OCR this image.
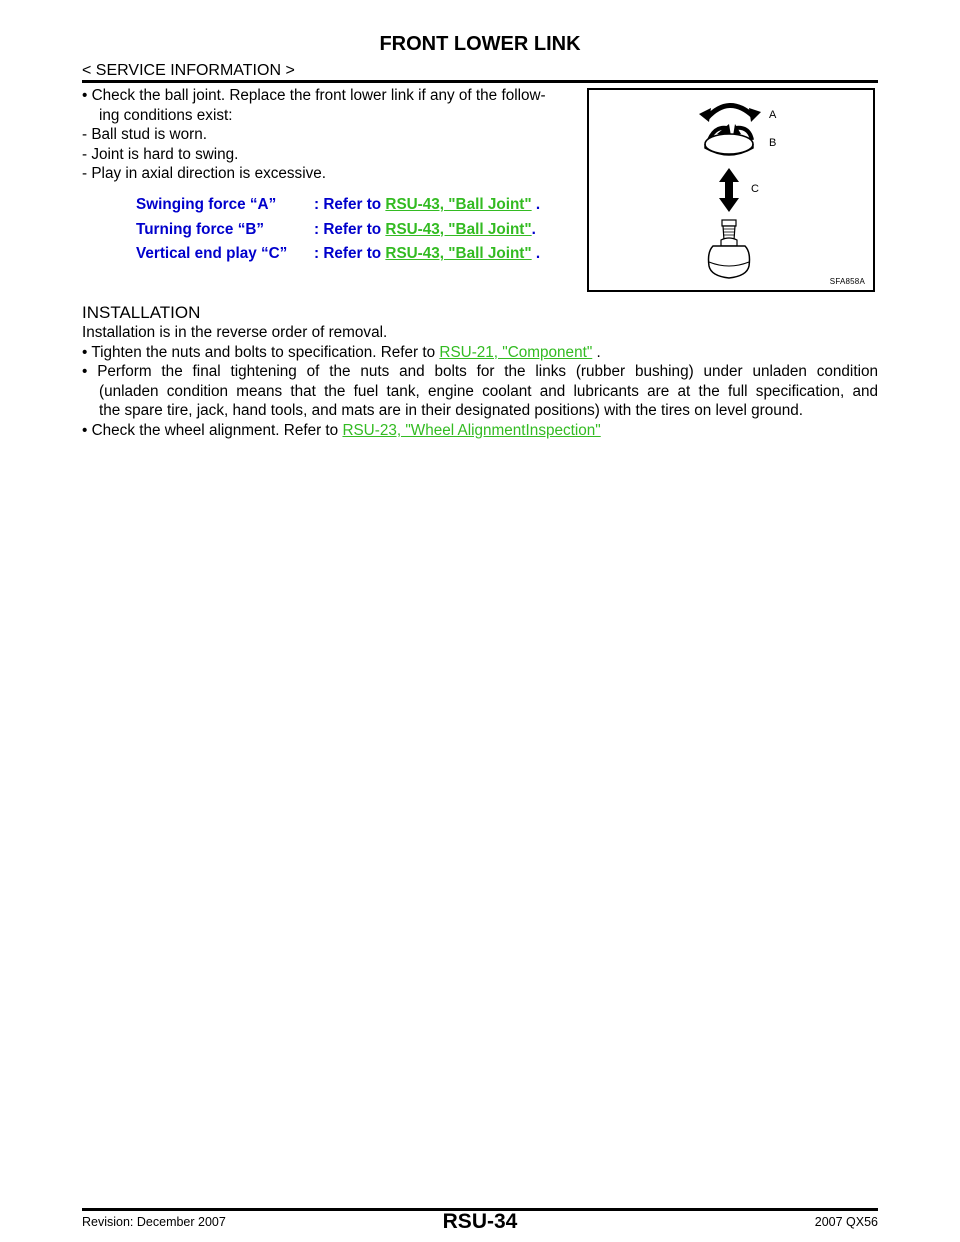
FRONT LOWER LINK
< SERVICE INFORMATION >
• Check the ball joint. Replace the front lower link if any of the follow-
ing conditions exist:
- Ball stud is worn.
- Joint is hard to swing.
- Play in axial direction is excessive.
Swinging force “A” : Refer to RSU-43, "Ball Joint" .
Turning force “B”	: Refer to RSU-43, "Ball Joint".
Vertical end play “C” : Refer to RSU-43, "Ball Joint" .
A
B
C
SFA858A
INSTALLATION
Installation is in the reverse order of removal.
• Tighten the nuts and bolts to specification. Refer to RSU-21, "Component" .
• Perform the final tightening of the nuts and bolts for the links (rubber bushing) under unladen condition
(unladen condition means that the fuel tank, engine coolant and lubricants are at the full specification, and
the spare tire, jack, hand tools, and mats are in their designated positions) with the tires on level ground.
• Check the wheel alignment. Refer to RSU-23, "Wheel AlignmentInspection"
Revision: December 2007	RSU-34	2007 QX56
